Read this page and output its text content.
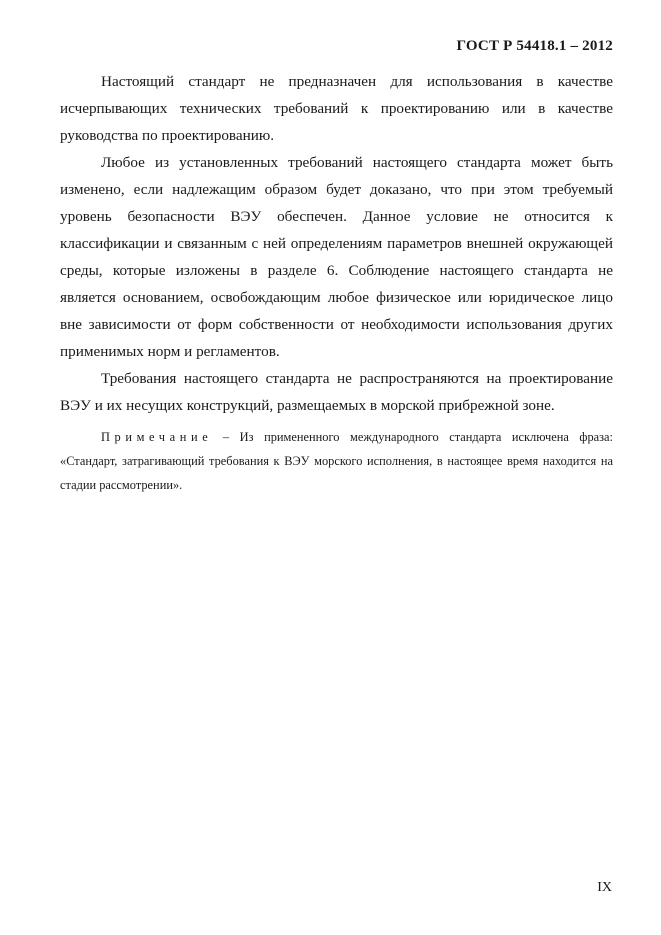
ГОСТ Р 54418.1 – 2012

Настоящий стандарт не предназначен для использования в качестве исчерпывающих технических требований к проектированию или в качестве руководства по проектированию.

Любое из установленных требований настоящего стандарта может быть изменено, если надлежащим образом будет доказано, что при этом требуемый уровень безопасности ВЭУ обеспечен. Данное условие не относится к классификации и связанным с ней определениям параметров внешней окружающей среды, которые изложены в разделе 6. Соблюдение настоящего стандарта не является основанием, освобождающим любое физическое или юридическое лицо вне зависимости от форм собственности от необходимости использования других применимых норм и регламентов.

Требования настоящего стандарта не распространяются на проектирование ВЭУ и их несущих конструкций, размещаемых в морской прибрежной зоне.

Примечание – Из примененного международного стандарта исключена фраза: «Стандарт, затрагивающий требования к ВЭУ морского исполнения, в настоящее время находится на стадии рассмотрении».

IX
